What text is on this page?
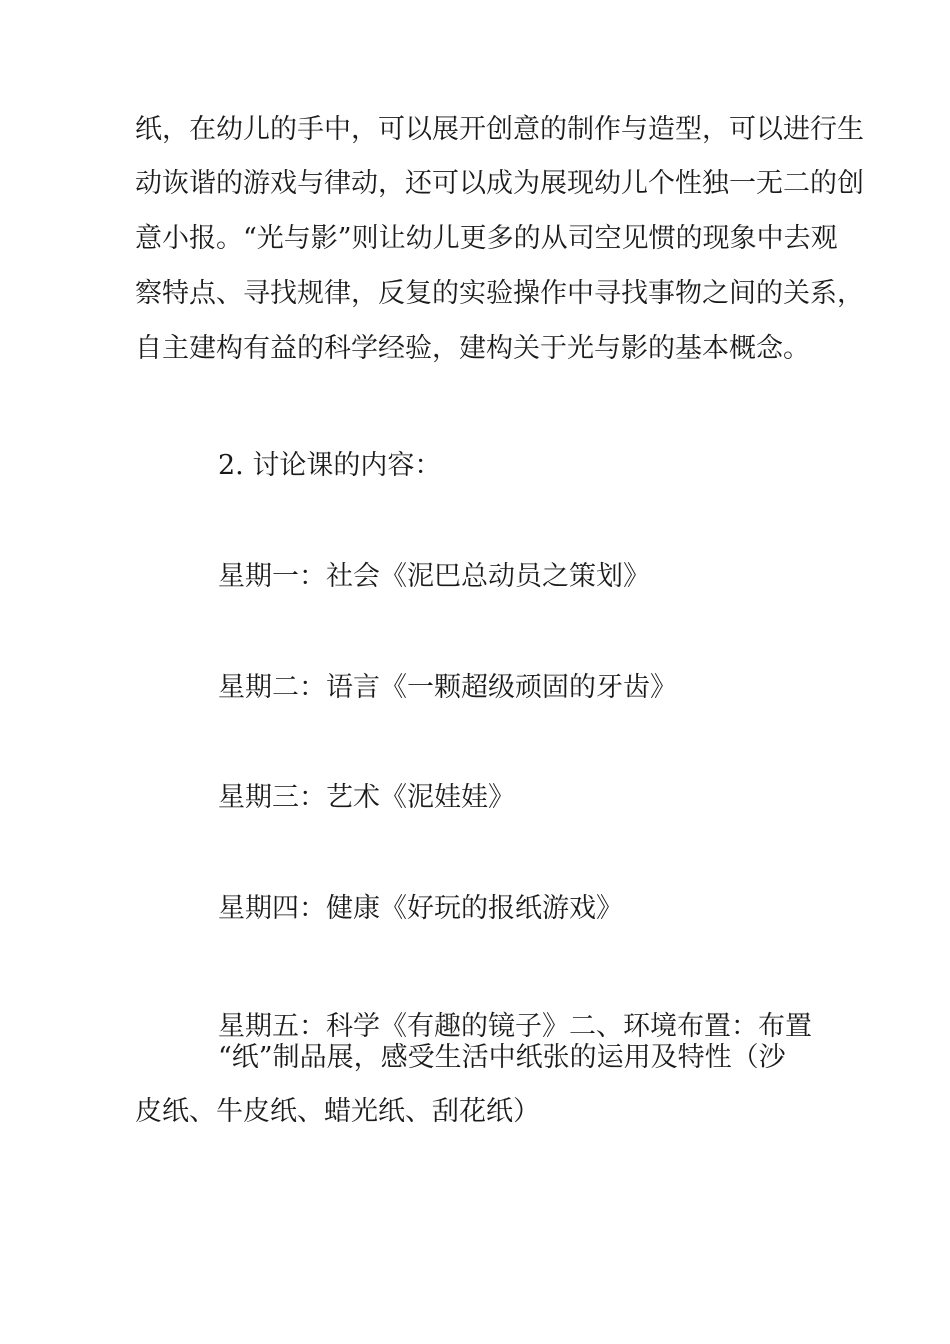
纸，在幼儿的手中，可以展开创意的制作与造型，可以进行生
动诙谐的游戏与律动，还可以成为展现幼儿个性独一无二的创
意小报。“光与影”则让幼儿更多的从司空见惯的现象中去观
察特点、寻找规律，反复的实验操作中寻找事物之间的关系，
自主建构有益的科学经验，建构关于光与影的基本概念。
2. 讨论课的内容：
星期一：社会《泥巴总动员之策划》
星期二：语言《一颗超级顽固的牙齿》
星期三：艺术《泥娃娃》
星期四：健康《好玩的报纸游戏》
星期五：科学《有趣的镜子》二、环境布置：布置
“纸”制品展，感受生活中纸张的运用及特性（沙
皮纸、牛皮纸、蜡光纸、刮花纸）
